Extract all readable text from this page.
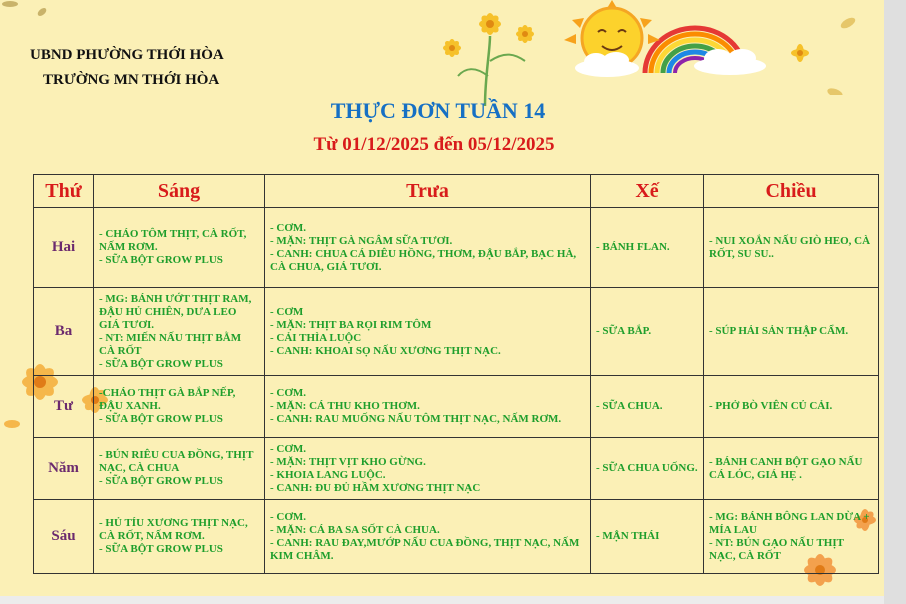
UBND PHƯỜNG THỚI HÒA
TRƯỜNG MN THỚI HÒA
THỰC ĐƠN TUẦN 14
Từ 01/12/2025 đến 05/12/2025
Thứ	Sáng	Trưa	Xế	Chiều
Hai	- CHÁO TÔM THỊT, CÀ RỐT, NẤM RƠM.
- SỮA BỘT GROW PLUS	- CƠM.
- MẶN: THỊT GÀ NGÂM SỮA TƯƠI.
- CANH: CHUA CÁ DIÊU HỒNG, THƠM, ĐẬU BẮP, BẠC HÀ, CÀ CHUA, GIÁ TƯƠI.	- BÁNH FLAN.	- NUI XOẮN NẤU GIÒ HEO, CÀ RỐT, SU SU..

Ba	- MG: BÁNH ƯỚT THỊT RAM, ĐẬU HỦ CHIÊN, DƯA LEO GIÁ TƯƠI.
- NT: MIẾN NẤU THỊT BẰM CÀ RỐT
- SỮA BỘT GROW PLUS	- CƠM
- MẶN: THỊT BA RỌI RIM TÔM
- CẢI THÌA LUỘC
- CANH: KHOAI SỌ NẤU XƯƠNG THỊT NẠC.	- SỮA BẮP.	- SÚP HẢI SẢN THẬP CẨM.

Tư	-CHÁO THỊT GÀ BẮP NẾP, ĐẬU XANH.
- SỮA BỘT GROW PLUS	- CƠM.
- MẶN: CÁ THU KHO THƠM.
- CANH: RAU MUỐNG NẤU TÔM THỊT NẠC, NẤM RƠM.	- SỮA CHUA.	- PHỞ BÒ VIÊN CỦ CẢI.

Năm	- BÚN RIÊU CUA ĐỒNG, THỊT NẠC, CÀ CHUA
- SỮA BỘT GROW PLUS	- CƠM.
- MẶN: THỊT VỊT KHO GỪNG.
- KHOIA LANG LUỘC.
- CANH: ĐU ĐỦ HẦM XƯƠNG THỊT NẠC	- SỮA CHUA UỐNG.	- BÁNH CANH BỘT GẠO NẤU CÁ LÓC, GIÁ HẸ .

Sáu	- HỦ TÍU XƯƠNG THỊT NẠC, CÀ RỐT, NẤM RƠM.
- SỮA BỘT GROW PLUS	- CƠM.
- MẶN: CÁ BA SA SỐT CÀ CHUA.
- CANH: RAU ĐAY,MƯỚP NẤU CUA ĐỒNG, THỊT NẠC, NẤM KIM CHÂM.	- MẬN THÁI	- MG: BÁNH BÔNG LAN DỪA + MÍA LAU
- NT: BÚN GẠO NẤU THỊT NẠC, CÀ RỐT
